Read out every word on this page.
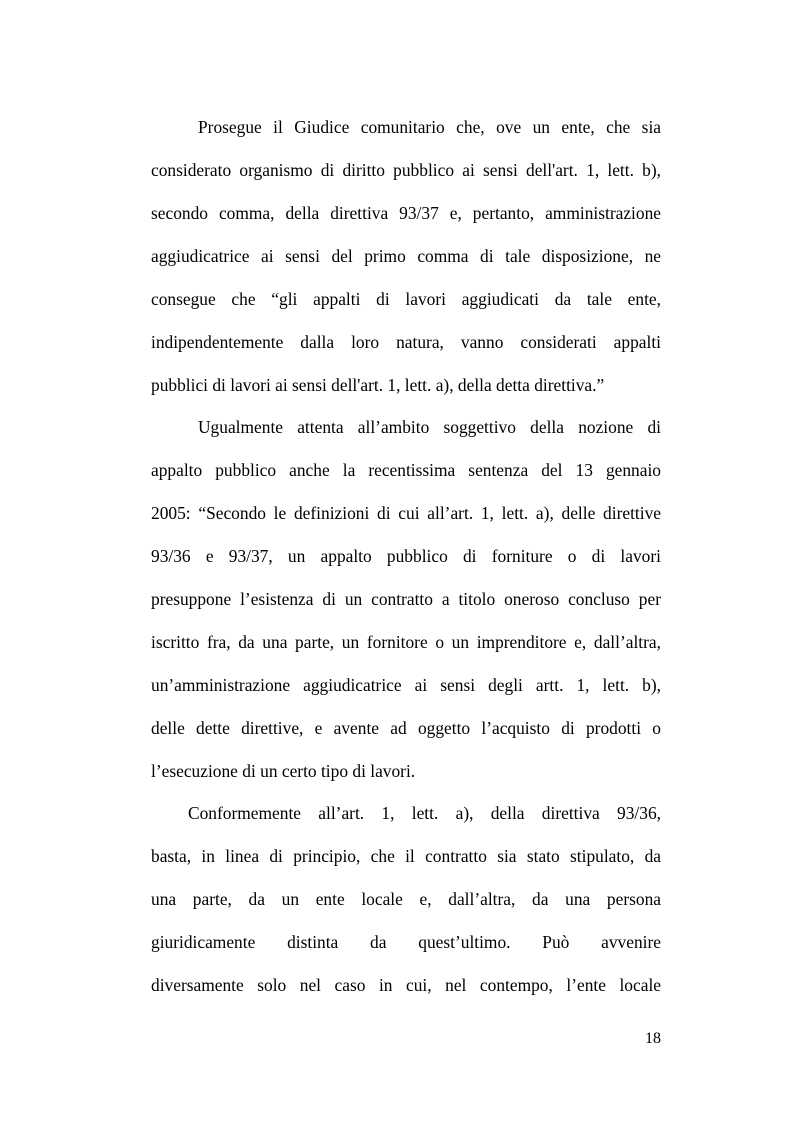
Prosegue il Giudice comunitario che, ove un ente, che sia
considerato organismo di diritto pubblico ai sensi dell'art. 1, lett. b),
secondo comma, della direttiva 93/37 e, pertanto, amministrazione
aggiudicatrice ai sensi del primo comma di tale disposizione, ne
consegue che “gli appalti di lavori aggiudicati da tale ente,
indipendentemente dalla loro natura, vanno considerati appalti
pubblici di lavori ai sensi dell'art. 1, lett. a), della detta direttiva.”
Ugualmente attenta all’ambito soggettivo della nozione di
appalto pubblico anche la recentissima sentenza del 13 gennaio
2005: “Secondo le definizioni di cui all’art. 1, lett. a), delle direttive
93/36 e 93/37, un appalto pubblico di forniture o di lavori
presuppone l’esistenza di un contratto a titolo oneroso concluso per
iscritto fra, da una parte, un fornitore o un imprenditore e, dall’altra,
un’amministrazione aggiudicatrice ai sensi degli artt. 1, lett. b),
delle dette direttive, e avente ad oggetto l’acquisto di prodotti o
l’esecuzione di un certo tipo di lavori.
Conformemente all’art. 1, lett. a), della direttiva 93/36,
basta, in linea di principio, che il contratto sia stato stipulato, da
una parte, da un ente locale e, dall’altra, da una persona
giuridicamente distinta da quest’ultimo. Può avvenire
diversamente solo nel caso in cui, nel contempo, l’ente locale
18
